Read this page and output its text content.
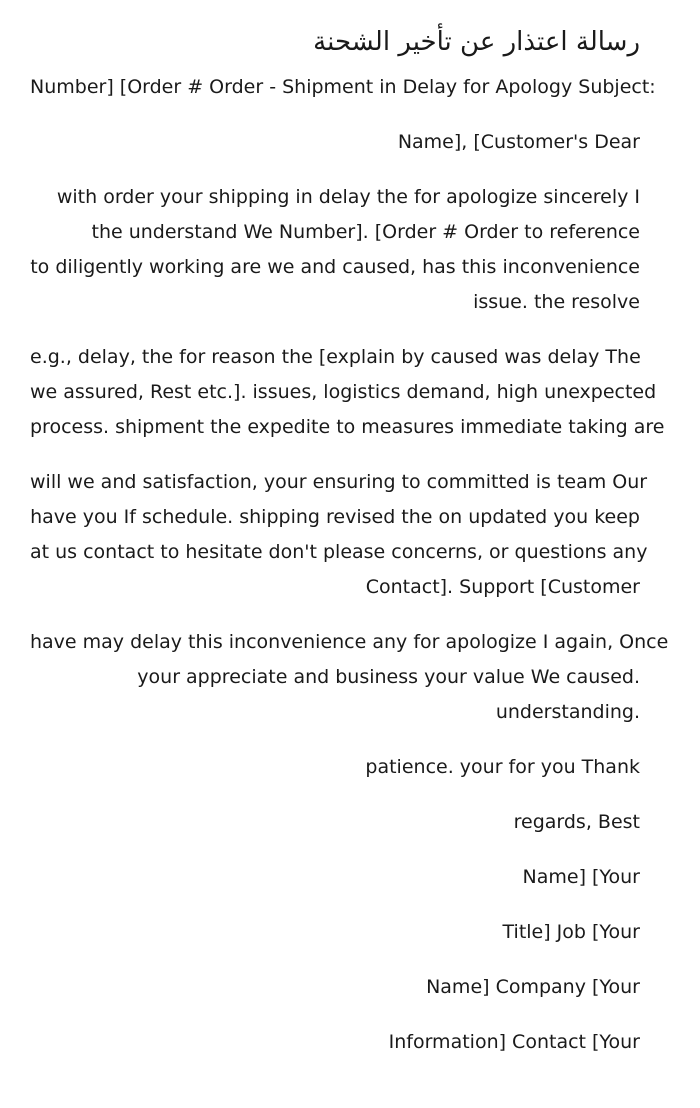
رسالة اعتذار عن تأخير الشحنة

Number] [Order # Order - Shipment in Delay for Apology Subject:

Name], [Customer's Dear

with order your shipping in delay the for apologize sincerely I
the understand We Number]. [Order # Order to reference
to diligently working are we and caused, has this inconvenience
issue. the resolve

e.g., delay, the for reason the [explain by caused was delay The
we assured, Rest etc.]. issues, logistics demand, high unexpected
process. shipment the expedite to measures immediate taking are

will we and satisfaction, your ensuring to committed is team Our
have you If schedule. shipping revised the on updated you keep
at us contact to hesitate don't please concerns, or questions any
Contact]. Support [Customer

have may delay this inconvenience any for apologize I again, Once
your appreciate and business your value We caused.
understanding.

patience. your for you Thank

regards, Best

Name] [Your

Title] Job [Your

Name] Company [Your

Information] Contact [Your
